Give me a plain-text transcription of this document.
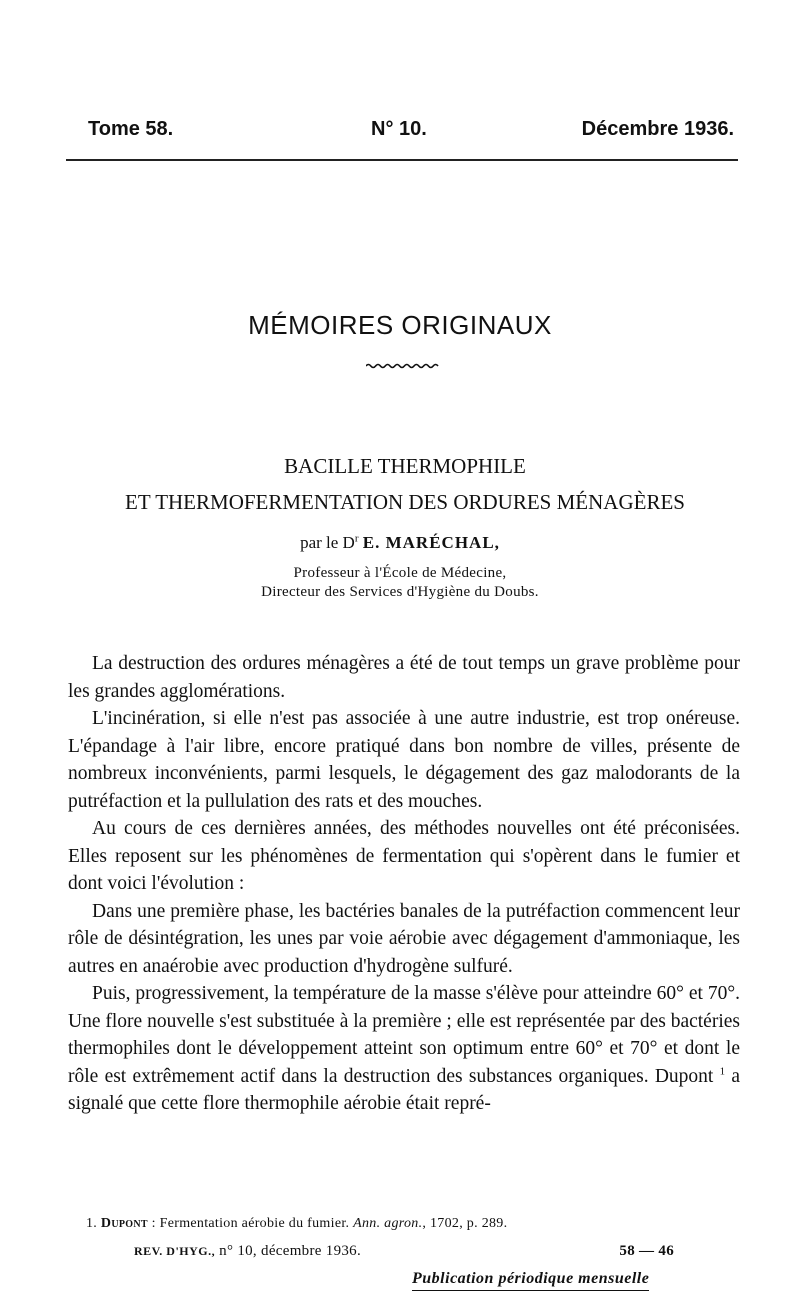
Tome 58.	N° 10.	Décembre 1936.
MÉMOIRES ORIGINAUX
BACILLE THERMOPHILE
ET THERMOFERMENTATION DES ORDURES MÉNAGÈRES
par le $D^r$ E. MARÉCHAL,
Professeur à l'École de Médecine,
Directeur des Services d'Hygiène du Doubs.

La destruction des ordures ménagères a été de tout temps un grave problème pour les grandes agglomérations.

L'incinération, si elle n'est pas associée à une autre industrie, est trop onéreuse. L'épandage à l'air libre, encore pratiqué dans bon nombre de villes, présente de nombreux inconvénients, parmi lesquels, le dégagement des gaz malodorants de la putréfaction et la pullulation des rats et des mouches.

Au cours de ces dernières années, des méthodes nouvelles ont été préconisées. Elles reposent sur les phénomènes de fermentation qui s'opèrent dans le fumier et dont voici l'évolution :

Dans une première phase, les bactéries banales de la putréfaction commencent leur rôle de désintégration, les unes par voie aérobie avec dégagement d'ammoniaque, les autres en anaérobie avec production d'hydrogène sulfuré.

Puis, progressivement, la température de la masse s'élève pour atteindre 60° et 70°. Une flore nouvelle s'est substituée à la première ; elle est représentée par des bactéries thermophiles dont le développement atteint son optimum entre 60° et 70° et dont le rôle est extrêmement actif dans la destruction des substances organiques. Dupont $^1$ a signalé que cette flore thermophile aérobie était repré-

1. Dupont : Fermentation aérobie du fumier. Ann. agron., 1702, p. 289.
REV. D'HYG., n° 10, décembre 1936.	58 — 46
Publication périodique mensuelle
